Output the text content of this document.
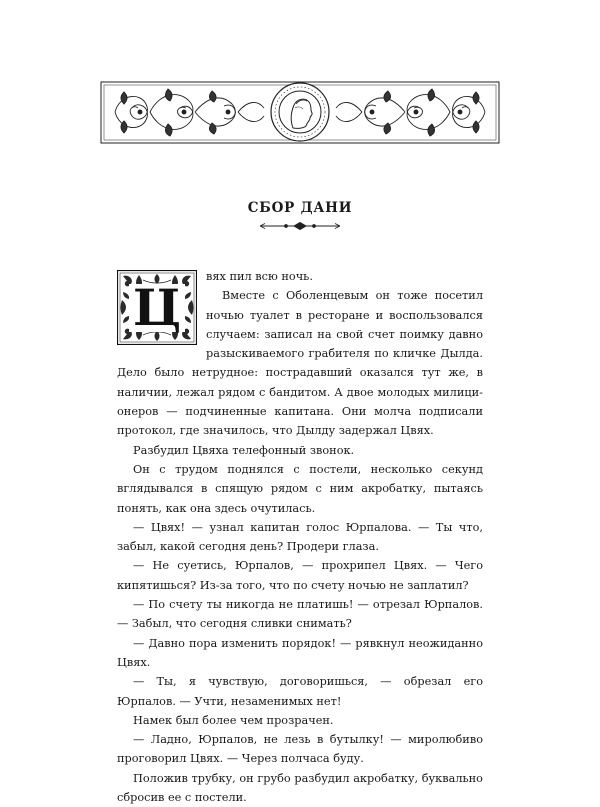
СБОР ДАНИ
Ц

вях пил всю ночь.

Вместе с Оболенцевым он тоже посетил ночью туалет в ресторане и воспользовался случаем: записал на свой счет поимку давно разыскиваемого грабителя по кличке Дылда. Дело было нетрудное: пострадавший оказался тут же, в наличии, лежал рядом с бандитом. А двое молодых милиционеров — подчиненные капитана. Они молча подписали протокол, где значилось, что Дылду задержал Цвях.

Разбудил Цвяха телефонный звонок.

Он с трудом поднялся с постели, несколько секунд вглядывался в спящую рядом с ним акробатку, пытаясь понять, как она здесь очутилась.

— Цвях! — узнал капитан голос Юрпалова. — Ты что, забыл, какой сегодня день? Продери глаза.

— Не суетись, Юрпалов, — прохрипел Цвях. — Чего кипятишься? Из-за того, что по счету ночью не заплатил?

— По счету ты никогда не платишь! — отрезал Юрпалов. — Забыл, что сегодня сливки снимать?

— Давно пора изменить порядок! — рявкнул неожиданно Цвях.

— Ты, я чувствую, договоришься, — обрезал его Юрпалов. — Учти, незаменимых нет!

Намек был более чем прозрачен.

— Ладно, Юрпалов, не лезь в бутылку! — миролюбиво проговорил Цвях. — Через полчаса буду.

Положив трубку, он грубо разбудил акробатку, буквально сбросив ее с постели.
